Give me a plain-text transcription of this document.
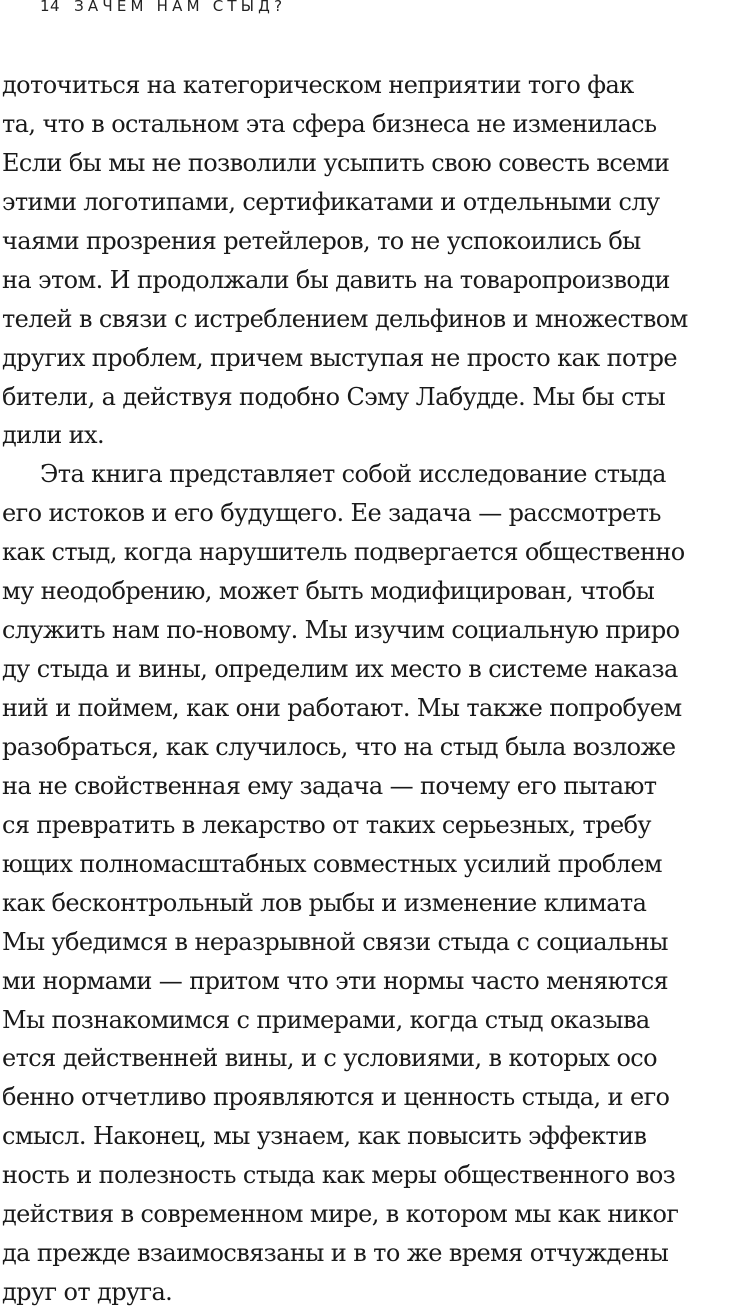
14 ЗАЧЕМ НАМ СТЫД?
доточиться на категорическом неприятии того фак
та, что в остальном эта сфера бизнеса не изменилась
Если бы мы не позволили усыпить свою совесть всеми
этими логотипами, сертификатами и отдельными слу
чаями прозрения ретейлеров, то не успокоились бы
на этом. И продолжали бы давить на товаропроизводи
телей в связи с истреблением дельфинов и множеством
других проблем, причем выступая не просто как потре
бители, а действуя подобно Сэму Лабудде. Мы бы сты
дили их.
Эта книга представляет собой исследование стыда
его истоков и его будущего. Ее задача — рассмотреть
как стыд, когда нарушитель подвергается общественно
му неодобрению, может быть модифицирован, чтобы
служить нам по-новому. Мы изучим социальную приро
ду стыда и вины, определим их место в системе наказа
ний и поймем, как они работают. Мы также попробуем
разобраться, как случилось, что на стыд была возложе
на не свойственная ему задача — почему его пытают
ся превратить в лекарство от таких серьезных, требу
ющих полномасштабных совместных усилий проблем
как бесконтрольный лов рыбы и изменение климата
Мы убедимся в неразрывной связи стыда с социальны
ми нормами — притом что эти нормы часто меняются
Мы познакомимся с примерами, когда стыд оказыва
ется действенней вины, и с условиями, в которых осо
бенно отчетливо проявляются и ценность стыда, и его
смысл. Наконец, мы узнаем, как повысить эффектив
ность и полезность стыда как меры общественного воз
действия в современном мире, в котором мы как никог
да прежде взаимосвязаны и в то же время отчуждены
друг от друга.
